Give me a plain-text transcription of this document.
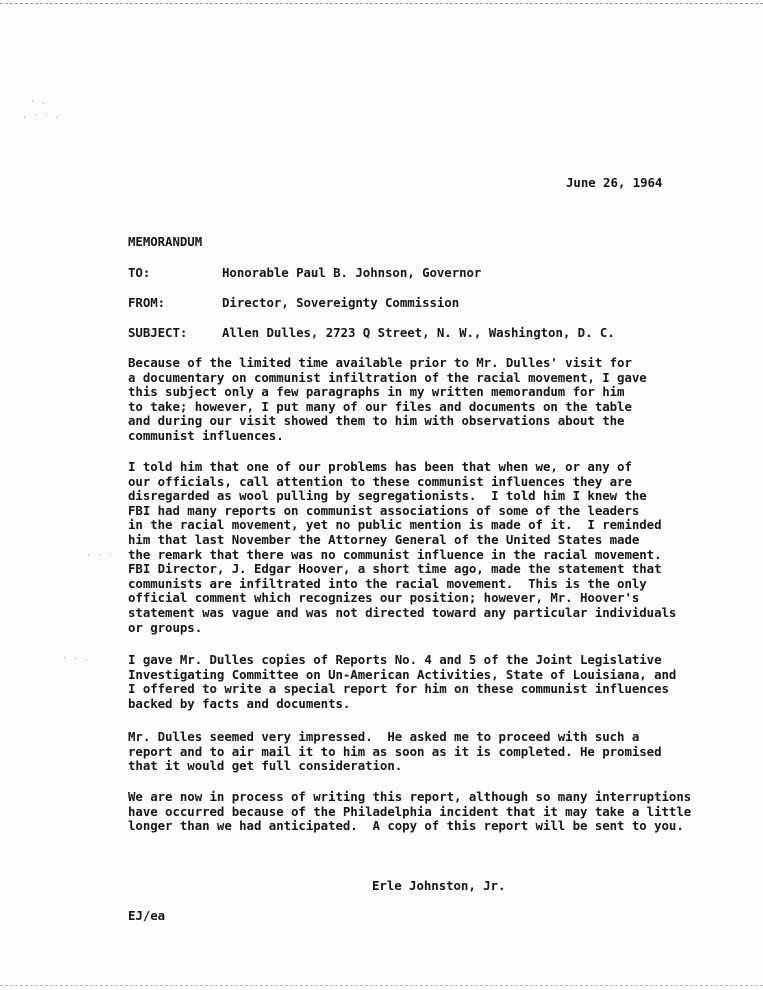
· .
. · · .
· · ·
· · .
June 26, 1964
MEMORANDUM
TO:	Honorable Paul B. Johnson, Governor
FROM:	Director, Sovereignty Commission
SUBJECT:	Allen Dulles, 2723 Q Street, N. W., Washington, D. C.
Because of the limited time available prior to Mr. Dulles' visit for
a documentary on communist infiltration of the racial movement, I gave
this subject only a few paragraphs in my written memorandum for him
to take; however, I put many of our files and documents on the table
and during our visit showed them to him with observations about the
communist influences.
I told him that one of our problems has been that when we, or any of
our officials, call attention to these communist influences they are
disregarded as wool pulling by segregationists.  I told him I knew the
FBI had many reports on communist associations of some of the leaders
in the racial movement, yet no public mention is made of it.  I reminded
him that last November the Attorney General of the United States made
the remark that there was no communist influence in the racial movement.
FBI Director, J. Edgar Hoover, a short time ago, made the statement that
communists are infiltrated into the racial movement.  This is the only
official comment which recognizes our position; however, Mr. Hoover's
statement was vague and was not directed toward any particular individuals
or groups.
I gave Mr. Dulles copies of Reports No. 4 and 5 of the Joint Legislative
Investigating Committee on Un-American Activities, State of Louisiana, and
I offered to write a special report for him on these communist influences
backed by facts and documents.
Mr. Dulles seemed very impressed.  He asked me to proceed with such a
report and to air mail it to him as soon as it is completed. He promised
that it would get full consideration.
We are now in process of writing this report, although so many interruptions
have occurred because of the Philadelphia incident that it may take a little
longer than we had anticipated.  A copy of this report will be sent to you.
Erle Johnston, Jr.
EJ/ea
